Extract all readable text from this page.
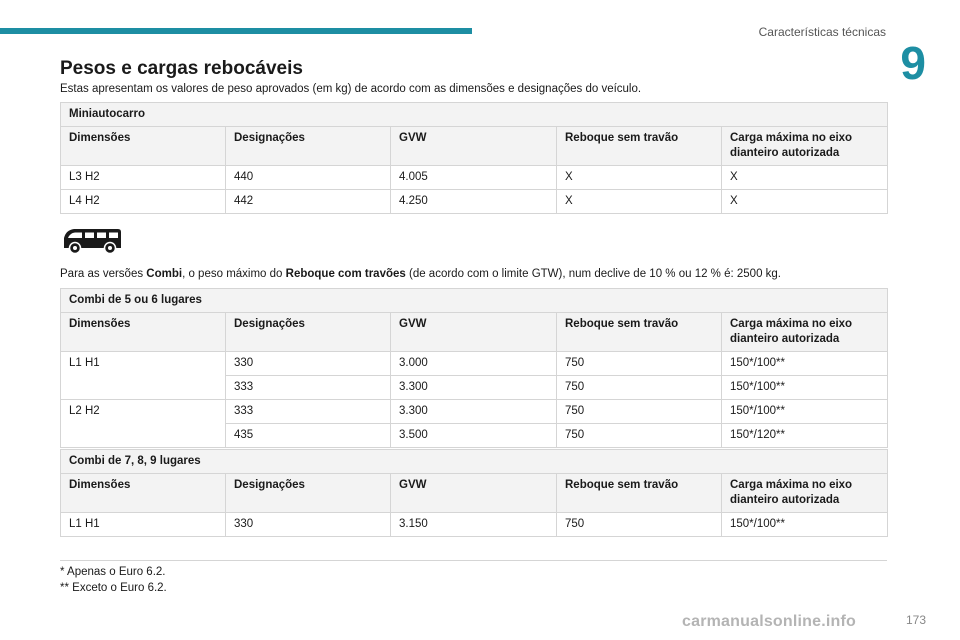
Características técnicas
9
Pesos e cargas rebocáveis

Estas apresentam os valores de peso aprovados (em kg) de acordo com as dimensões e designações do veículo.

Miniautocarro				
Dimensões	Designações	GVW	Reboque sem travão	Carga máxima no eixo dianteiro autorizada
L3 H2	440	4.005	X	X
L4 H2	442	4.250	X	X

Para as versões Combi, o peso máximo do Reboque com travões (de acordo com o limite GTW), num declive de 10 % ou 12 % é: 2500 kg.

Combi de 5 ou 6 lugares				
Dimensões	Designações	GVW	Reboque sem travão	Carga máxima no eixo dianteiro autorizada
L1 H1	330	3.000	750	150*/100**
	333	3.300	750	150*/100**
L2 H2	333	3.300	750	150*/100**
	435	3.500	750	150*/120**
Combi de 7, 8, 9 lugares				
Dimensões	Designações	GVW	Reboque sem travão	Carga máxima no eixo dianteiro autorizada
L1 H1	330	3.150	750	150*/100**

* Apenas o Euro 6.2.

** Exceto o Euro 6.2.

173
carmanualsonline.info
